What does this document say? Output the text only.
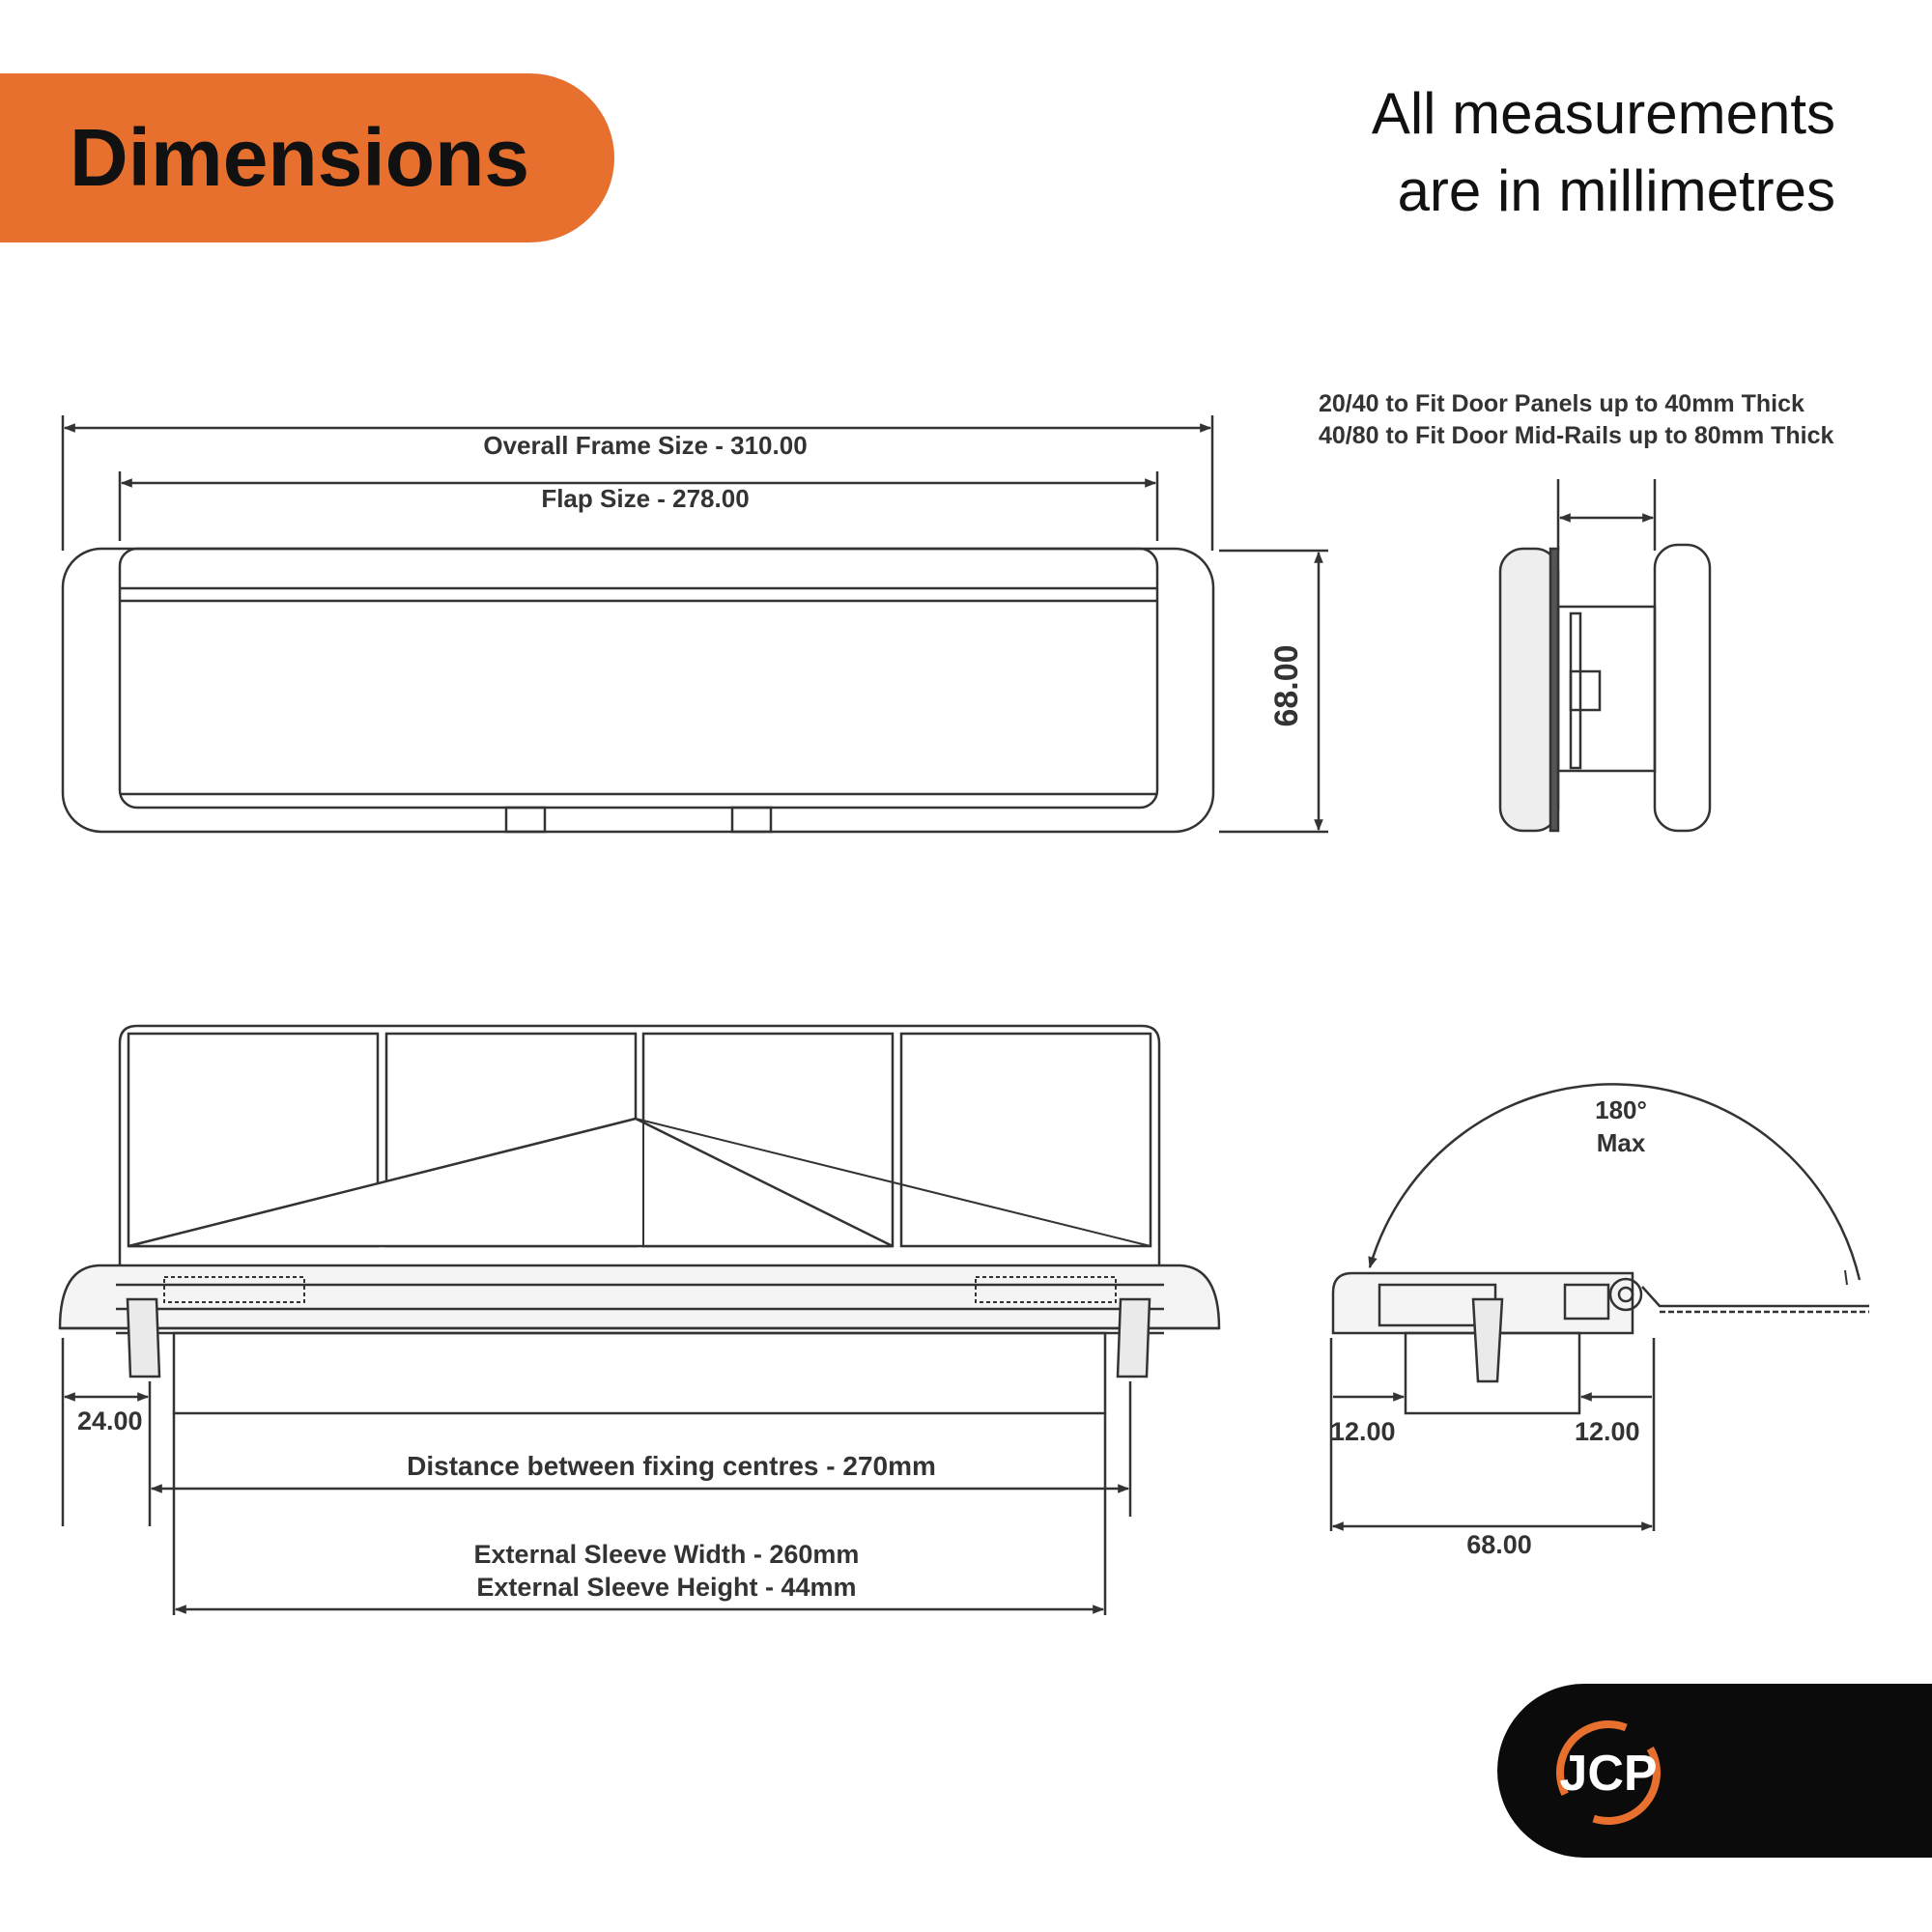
Dimensions	All measurements
are in millimetres
Overall Frame Size - 310.00
Flap Size - 278.00
68.00
20/40 to Fit Door Panels up to 40mm Thick
40/80 to Fit Door Mid-Rails up to 80mm Thick
24.00
Distance between fixing centres - 270mm
External Sleeve Width - 260mm
External Sleeve Height - 44mm
180°
Max
12.00	12.00
68.00
JCP
